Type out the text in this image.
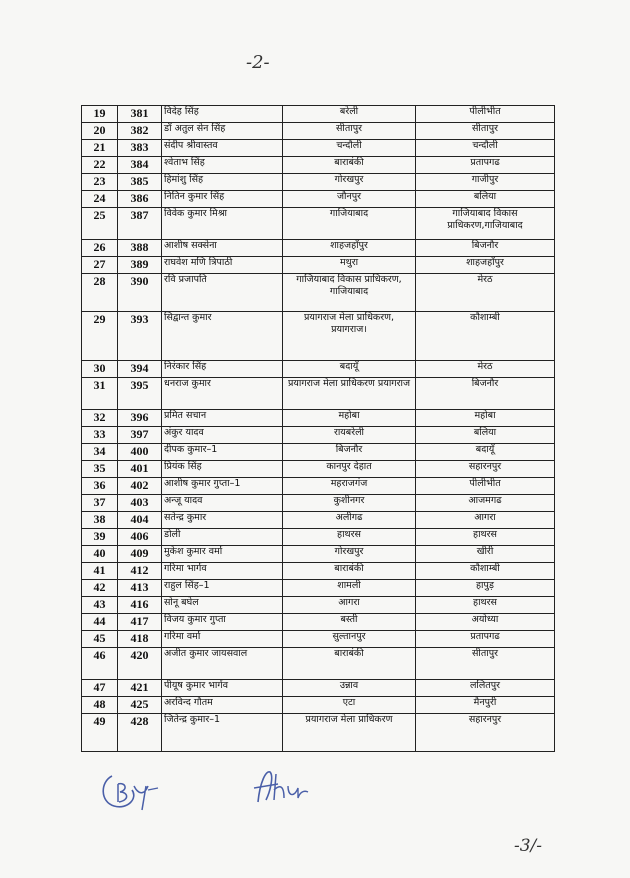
-2-
19	381	विदेह सिंह	बरेली	पीलीभीत
20	382	डॉ अतुल सेन सिंह	सीतापुर	सीतापुर
21	383	संदीप श्रीवास्तव	चन्दौली	चन्दौली
22	384	श्वेताभ सिंह	बाराबंकी	प्रतापगढ
23	385	हिमांशु सिंह	गोरखपुर	गाजीपुर
24	386	नितिन कुमार सिंह	जौनपुर	बलिया
25	387	विवेक कुमार मिश्रा	गाजियाबाद	गाजियाबाद विकास प्राधिकरण,गाजियाबाद
26	388	आशीष सक्सेना	शाहजहाँपुर	बिजनौर
27	389	राघवेश मणि त्रिपाठी	मथुरा	शाहजहाँपुर
28	390	रवि प्रजापति	गाजियाबाद विकास प्राधिकरण, गाजियाबाद	मेरठ
29	393	सिद्वान्त कुमार	प्रयागराज मेला प्राधिकरण, प्रयागराज।	कौशाम्बी
30	394	निरंकार सिंह	बदायूँ	मेरठ
31	395	धनराज कुमार	प्रयागराज मेला प्राधिकरण प्रयागराज	बिजनौर
32	396	प्रमित सचान	महोबा	महोबा
33	397	अंकुर यादव	रायबरेली	बलिया
34	400	दीपक कुमार–1	बिजनौर	बदायूँ
35	401	प्रियंक सिंह	कानपुर देहात	सहारनपुर
36	402	आशीष कुमार गुप्ता–1	महराजगंज	पीलीभीत
37	403	अन्जू यादव	कुशीनगर	आजमगढ
38	404	सतेन्द्र कुमार	अलीगढ	आगरा
39	406	डोली	हाथरस	हाथरस
40	409	मुकेश कुमार वर्मा	गोरखपुर	खीरी
41	412	गरिमा भार्गव	बाराबंकी	कौशाम्बी
42	413	राहुल सिंह–1	शामली	हापुड़
43	416	सोनू बघेल	आगरा	हाथरस
44	417	विजय कुमार गुप्ता	बस्ती	अयोध्या
45	418	गरिमा वर्मा	सुल्तानपुर	प्रतापगढ
46	420	अजीत कुमार जायसवाल	बाराबंकी	सीतापुर
47	421	पीयूष कुमार भार्गव	उन्नाव	ललितपुर
48	425	अरविन्द गौतम	एटा	मैनपुरी
49	428	जितेन्द्र कुमार–1	प्रयागराज मेला प्राधिकरण	सहारनपुर
-3/-
